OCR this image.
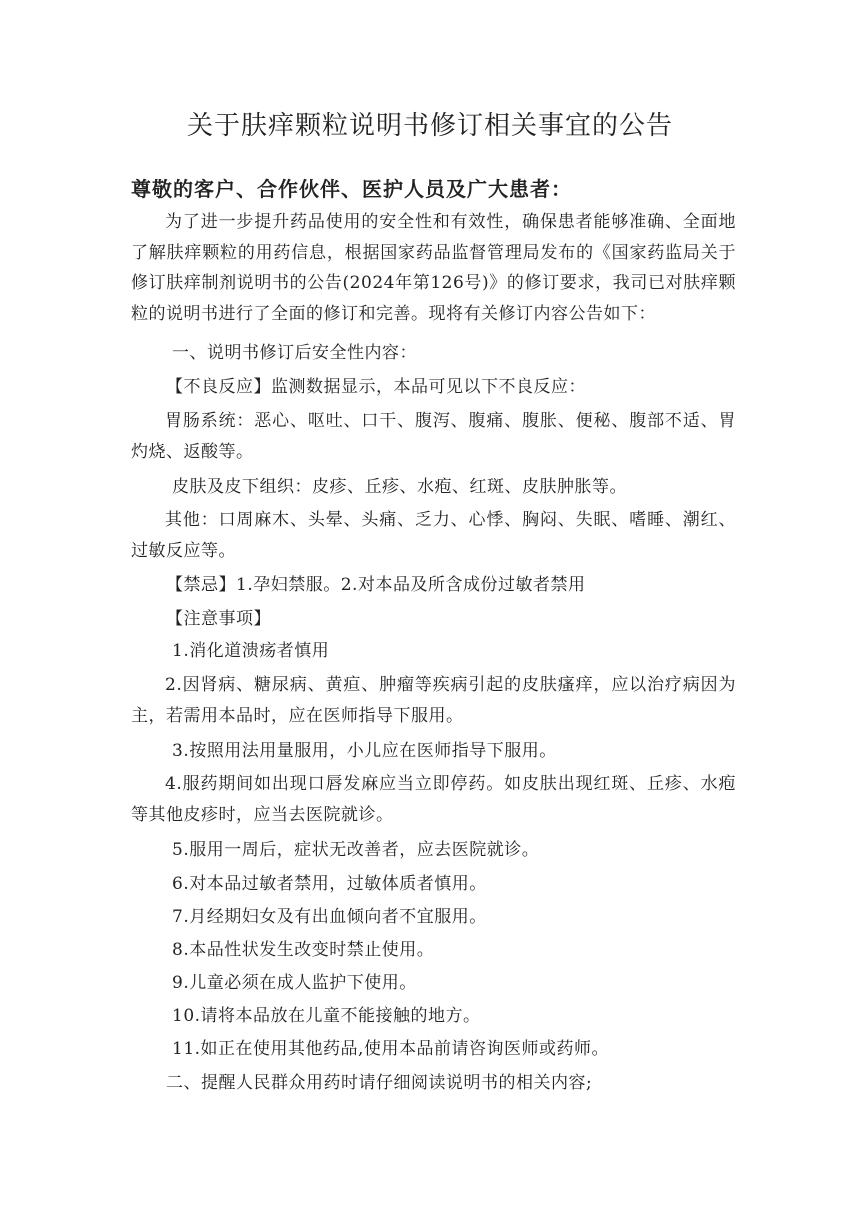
关于肤痒颗粒说明书修订相关事宜的公告
尊敬的客户、合作伙伴、医护人员及广大患者：
为了进一步提升药品使用的安全性和有效性，确保患者能够准确、全面地了解肤痒颗粒的用药信息，根据国家药品监督管理局发布的《国家药监局关于修订肤痒制剂说明书的公告(2024年第126号)》的修订要求，我司已对肤痒颗粒的说明书进行了全面的修订和完善。现将有关修订内容公告如下：
一、说明书修订后安全性内容：
【不良反应】监测数据显示，本品可见以下不良反应：
胃肠系统：恶心、呕吐、口干、腹泻、腹痛、腹胀、便秘、腹部不适、胃灼烧、返酸等。
皮肤及皮下组织：皮疹、丘疹、水疱、红斑、皮肤肿胀等。
其他：口周麻木、头晕、头痛、乏力、心悸、胸闷、失眠、嗜睡、潮红、过敏反应等。
【禁忌】1.孕妇禁服。2.对本品及所含成份过敏者禁用
【注意事项】
1.消化道溃疡者慎用
2.因肾病、糖尿病、黄疸、肿瘤等疾病引起的皮肤瘙痒，应以治疗病因为主，若需用本品时，应在医师指导下服用。
3.按照用法用量服用，小儿应在医师指导下服用。
4.服药期间如出现口唇发麻应当立即停药。如皮肤出现红斑、丘疹、水疱等其他皮疹时，应当去医院就诊。
5.服用一周后，症状无改善者，应去医院就诊。
6.对本品过敏者禁用，过敏体质者慎用。
7.月经期妇女及有出血倾向者不宜服用。
8.本品性状发生改变时禁止使用。
9.儿童必须在成人监护下使用。
10.请将本品放在儿童不能接触的地方。
11.如正在使用其他药品,使用本品前请咨询医师或药师。
二、提醒人民群众用药时请仔细阅读说明书的相关内容;
